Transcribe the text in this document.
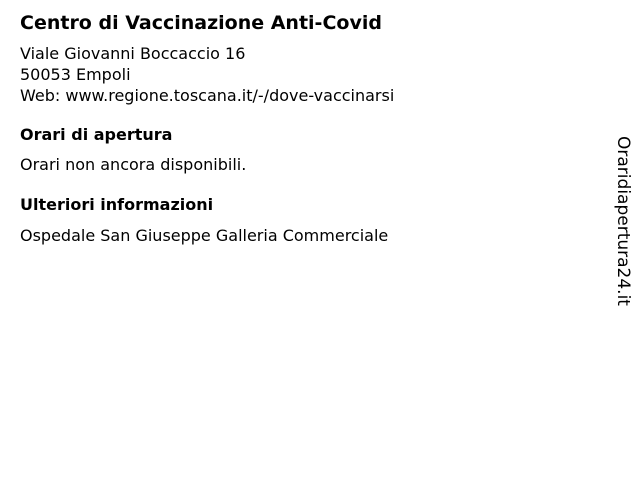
Centro di Vaccinazione Anti-Covid

Viale Giovanni Boccaccio 16

50053 Empoli

Web: www.regione.toscana.it/-/dove-vaccinarsi

Orari di apertura

Orari non ancora disponibili.

Ulteriori informazioni

Ospedale San Giuseppe Galleria Commerciale	Oraridiapertura24.it
